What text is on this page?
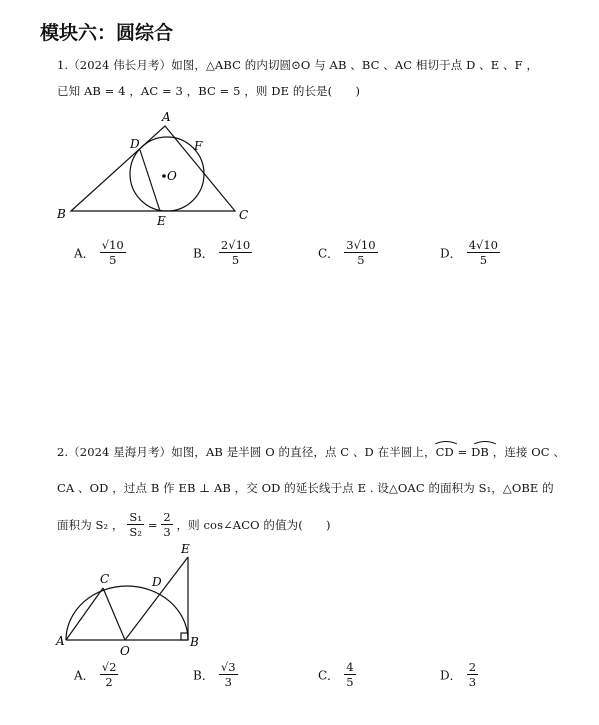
模块六：圆综合
1.（2024 伟长月考）如图，△ABC 的内切圆⊙O 与 AB 、BC 、AC 相切于点 D 、E 、F ，
已知 AB = 4 ，AC = 3 ，BC = 5 ，则 DE 的长是(　　)
A
B	C
D
E
F
O
A． $\frac{√10}{5}$	B． $\frac{2√10}{5}$	C． $\frac{3√10}{5}$	D． $\frac{4√10}{5}$
2.（2024 星海月考）如图，AB 是半圆 O 的直径，点 C 、D 在半圆上，CD = DB ，连接 OC 、
CA 、OD ，过点 B 作 EB ⊥ AB ，交 OD 的延长线于点 E . 设△OAC 的面积为 S₁，△OBE 的
面积为 S₂ ， $\frac{\text{S₁}}{\text{S₂}} = \frac{2}{3}$ ，则 cos∠ACO 的值为(　　)
A	B
C	D
E
O
A． $\frac{√2}{2}$	B． $\frac{√3}{3}$	C． $\frac{4}{5}$	D． $\frac{2}{3}$
